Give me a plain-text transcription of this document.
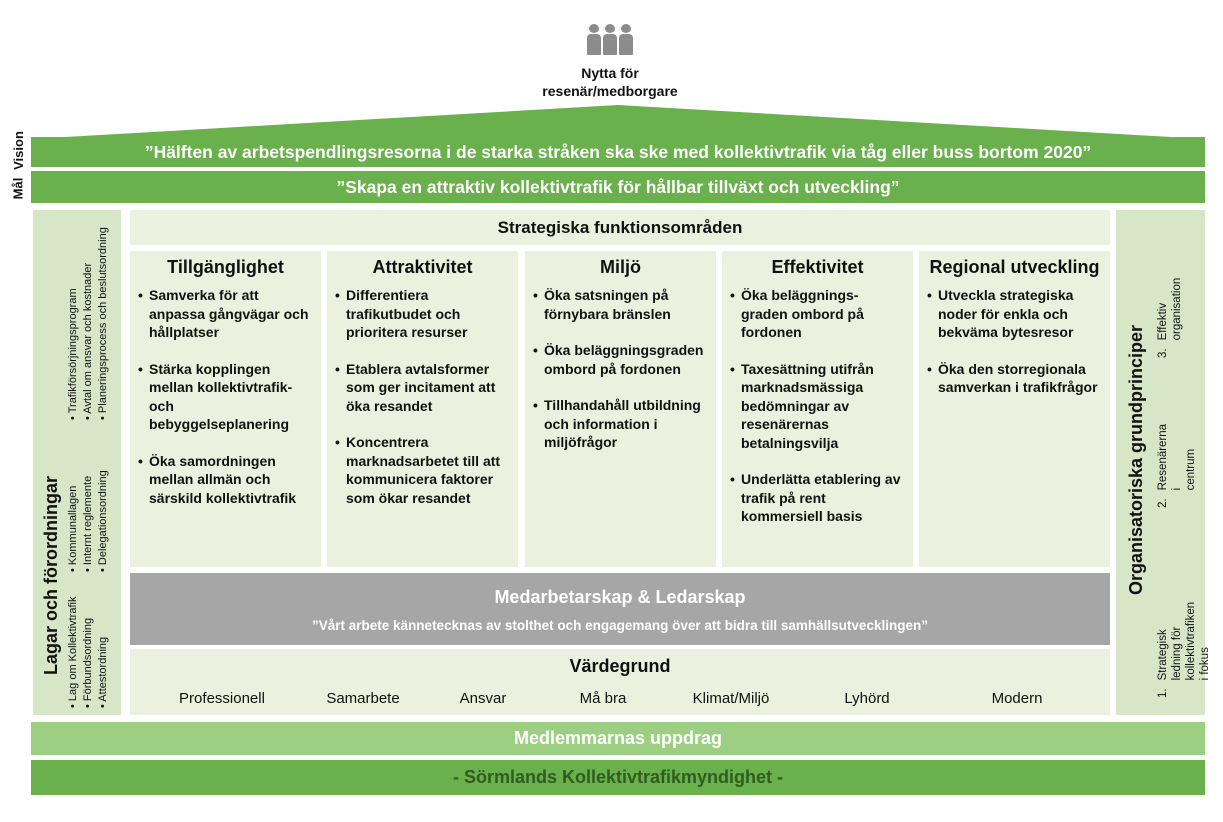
Nytta för
resenär/medborgare
Vision
Mål
”Hälften av arbetspendlingsresorna i de starka stråken ska ske med kollektivtrafik via tåg eller buss bortom 2020”
”Skapa en attraktiv kollektivtrafik för hållbar tillväxt och utveckling”
Lagar och förordningar • Lag om Kollektivtrafik • Förbundsordning • Attestordning
• Kommunallagen • Internt reglemente • Delegationsordning
• Trafikförsörjningsprogram • Avtal om ansvar och kostnader • Planeringsprocess och beslutsordning
Organisatoriska grundprinciper
1.
Strategisk ledning för kollektivtrafiken i fokus
2.
Resenärerna i centrum
3.
Effektiv organisation
Strategiska funktionsområden
Tillgänglighet
• Samverka för att anpassa gångvägar och hållplatser
• Stärka kopplingen mellan kollektivtrafik-och bebyggelseplanering
• Öka samordningen mellan allmän och särskild kollektivtrafik
Attraktivitet
• Differentiera trafikutbudet och prioritera resurser
• Etablera avtalsformer som ger incitament att öka resandet
• Koncentrera marknadsarbetet till att kommunicera faktorer som ökar resandet
Miljö
• Öka satsningen på förnybara bränslen
• Öka beläggningsgraden ombord på fordonen
• Tillhandahåll utbildning och information i miljöfrågor
Effektivitet
• Öka beläggnings-graden ombord på fordonen
• Taxesättning utifrån marknadsmässiga bedömningar av resenärernas betalningsvilja
• Underlätta etablering av trafik på rent kommersiell basis
Regional utveckling
• Utveckla strategiska noder för enkla och bekväma bytesresor
• Öka den storregionala samverkan i trafikfrågor
Medarbetarskap & Ledarskap
”Vårt arbete kännetecknas av stolthet och engagemang över att bidra till samhällsutvecklingen”
Värdegrund
Professionell	Samarbete	Ansvar	Må bra	Klimat/Miljö	Lyhörd	Modern
Medlemmarnas uppdrag
- Sörmlands Kollektivtrafikmyndighet -
